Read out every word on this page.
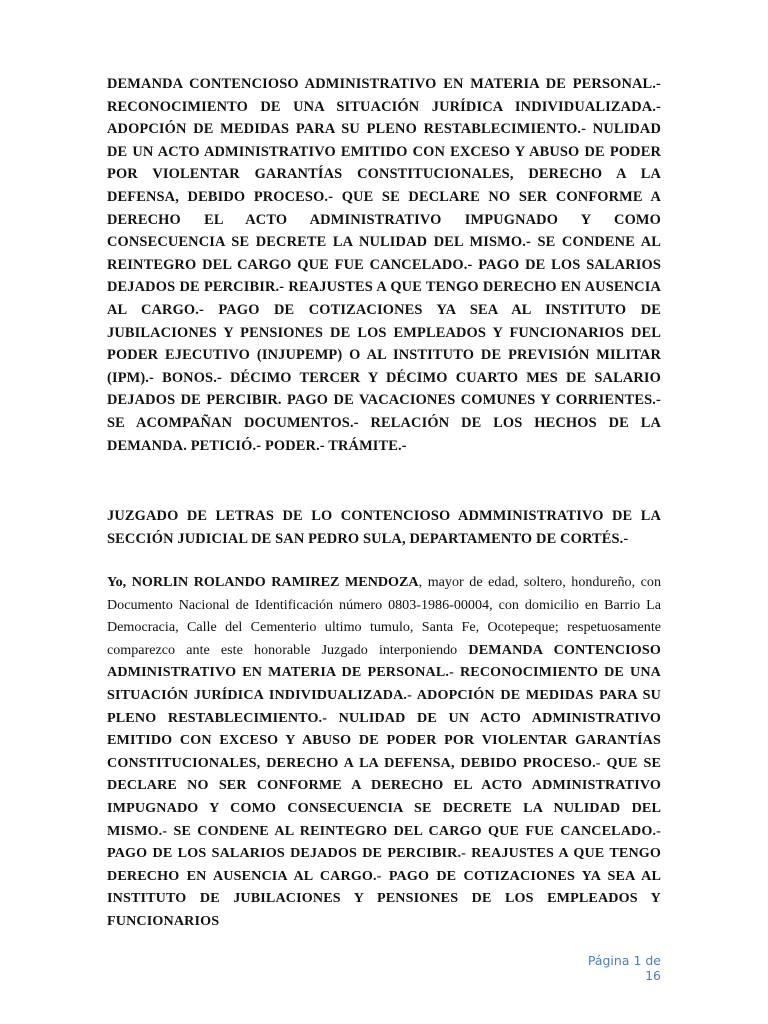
DEMANDA CONTENCIOSO ADMINISTRATIVO EN MATERIA DE PERSONAL.- RECONOCIMIENTO DE UNA SITUACIÓN JURÍDICA INDIVIDUALIZADA.- ADOPCIÓN DE MEDIDAS PARA SU PLENO RESTABLECIMIENTO.- NULIDAD DE UN ACTO ADMINISTRATIVO EMITIDO CON EXCESO Y ABUSO DE PODER POR VIOLENTAR GARANTÍAS CONSTITUCIONALES, DERECHO A LA DEFENSA, DEBIDO PROCESO.- QUE SE DECLARE NO SER CONFORME A DERECHO EL ACTO ADMINISTRATIVO IMPUGNADO Y COMO CONSECUENCIA SE DECRETE LA NULIDAD DEL MISMO.- SE CONDENE AL REINTEGRO DEL CARGO QUE FUE CANCELADO.- PAGO DE LOS SALARIOS DEJADOS DE PERCIBIR.- REAJUSTES A QUE TENGO DERECHO EN AUSENCIA AL CARGO.- PAGO DE COTIZACIONES YA SEA AL INSTITUTO DE JUBILACIONES Y PENSIONES DE LOS EMPLEADOS Y FUNCIONARIOS DEL PODER EJECUTIVO (INJUPEMP) O AL INSTITUTO DE PREVISIÓN MILITAR (IPM).- BONOS.- DÉCIMO TERCER Y DÉCIMO CUARTO MES DE SALARIO DEJADOS DE PERCIBIR. PAGO DE VACACIONES COMUNES Y CORRIENTES.- SE ACOMPAÑAN DOCUMENTOS.- RELACIÓN DE LOS HECHOS DE LA DEMANDA. PETICIÓ.- PODER.- TRÁMITE.-

JUZGADO DE LETRAS DE LO CONTENCIOSO ADMMINISTRATIVO DE LA SECCIÓN JUDICIAL DE SAN PEDRO SULA, DEPARTAMENTO DE CORTÉS.-

Yo, NORLIN ROLANDO RAMIREZ MENDOZA, mayor de edad, soltero, hondureño, con Documento Nacional de Identificación número 0803-1986-00004, con domicilio en Barrio La Democracia, Calle del Cementerio ultimo tumulo, Santa Fe, Ocotepeque; respetuosamente comparezco ante este honorable Juzgado interponiendo DEMANDA CONTENCIOSO ADMINISTRATIVO EN MATERIA DE PERSONAL.- RECONOCIMIENTO DE UNA SITUACIÓN JURÍDICA INDIVIDUALIZADA.- ADOPCIÓN DE MEDIDAS PARA SU PLENO RESTABLECIMIENTO.- NULIDAD DE UN ACTO ADMINISTRATIVO EMITIDO CON EXCESO Y ABUSO DE PODER POR VIOLENTAR GARANTÍAS CONSTITUCIONALES, DERECHO A LA DEFENSA, DEBIDO PROCESO.- QUE SE DECLARE NO SER CONFORME A DERECHO EL ACTO ADMINISTRATIVO IMPUGNADO Y COMO CONSECUENCIA SE DECRETE LA NULIDAD DEL MISMO.- SE CONDENE AL REINTEGRO DEL CARGO QUE FUE CANCELADO.- PAGO DE LOS SALARIOS DEJADOS DE PERCIBIR.- REAJUSTES A QUE TENGO DERECHO EN AUSENCIA AL CARGO.- PAGO DE COTIZACIONES YA SEA AL INSTITUTO DE JUBILACIONES Y PENSIONES DE LOS EMPLEADOS Y FUNCIONARIOS

Página 1 de 16
